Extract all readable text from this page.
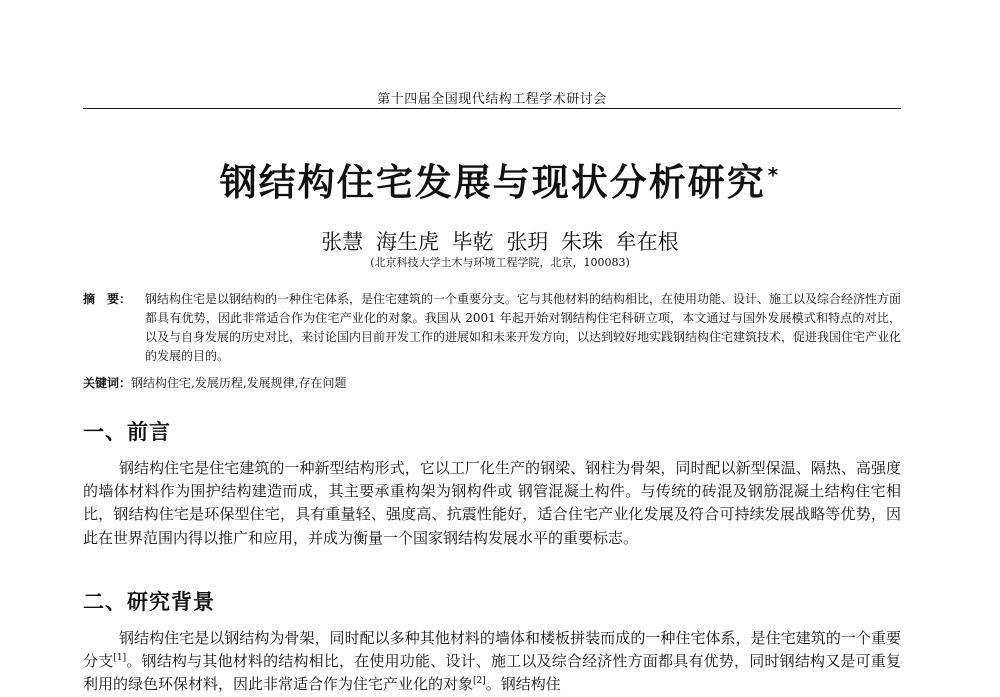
第十四届全国现代结构工程学术研讨会
钢结构住宅发展与现状分析研究 *
张慧 海生虎 毕乾 张玥 朱珠 牟在根
(北京科技大学土木与环境工程学院，北京，100083)
摘　要： 钢结构住宅是以钢结构的一种住宅体系，是住宅建筑的一个重要分支。它与其他材料的结构相比，在使用功能、设计、施工以及综合经济性方面都具有优势，因此非常适合作为住宅产业化的对象。我国从 2001 年起开始对钢结构住宅科研立项，本文通过与国外发展模式和特点的对比，以及与自身发展的历史对比，来讨论国内目前开发工作的进展如和未来开发方向，以达到较好地实践钢结构住宅建筑技术，促进我国住宅产业化的发展的目的。
关键词：钢结构住宅,发展历程,发展规律,存在问题
一、前言
钢结构住宅是住宅建筑的一种新型结构形式，它以工厂化生产的钢梁、钢柱为骨架，同时配以新型保温、隔热、高强度的墙体材料作为围护结构建造而成，其主要承重构架为钢构件或 钢管混凝土构件。与传统的砖混及钢筋混凝土结构住宅相比，钢结构住宅是环保型住宅，具有重量轻、强度高、抗震性能好，适合住宅产业化发展及符合可持续发展战略等优势，因此在世界范围内得以推广和应用，并成为衡量一个国家钢结构发展水平的重要标志。
二、研究背景
钢结构住宅是以钢结构为骨架，同时配以多种其他材料的墙体和楼板拼装而成的一种住宅体系，是住宅建筑的一个重要分支[1]。钢结构与其他材料的结构相比，在使用功能、设计、施工以及综合经济性方面都具有优势，同时钢结构又是可重复利用的绿色环保材料，因此非常适合作为住宅产业化的对象[2]。钢结构住
